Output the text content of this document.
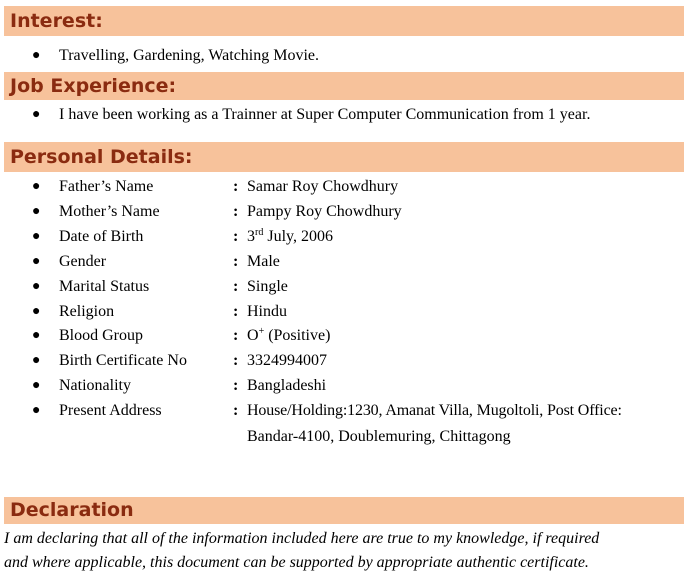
Interest:
● Travelling, Gardening, Watching Movie.
Job Experience:
● I have been working as a Trainner at Super Computer Communication from 1 year.
Personal Details:
● Father’s Name	: Samar Roy Chowdhury
● Mother’s Name	: Pampy Roy Chowdhury
● Date of Birth	: 3rd July, 2006
● Gender	: Male
● Marital Status	: Single
● Religion	: Hindu
● Blood Group	: O+ (Positive)
● Birth Certificate No	: 3324994007
● Nationality	: Bangladeshi
● Present Address	: House/Holding:1230, Amanat Villa, Mugoltoli, Post Office:
Bandar-4100, Doublemuring, Chittagong
Declaration
I am declaring that all of the information included here are true to my knowledge, if required
and where applicable, this document can be supported by appropriate authentic certificate.
